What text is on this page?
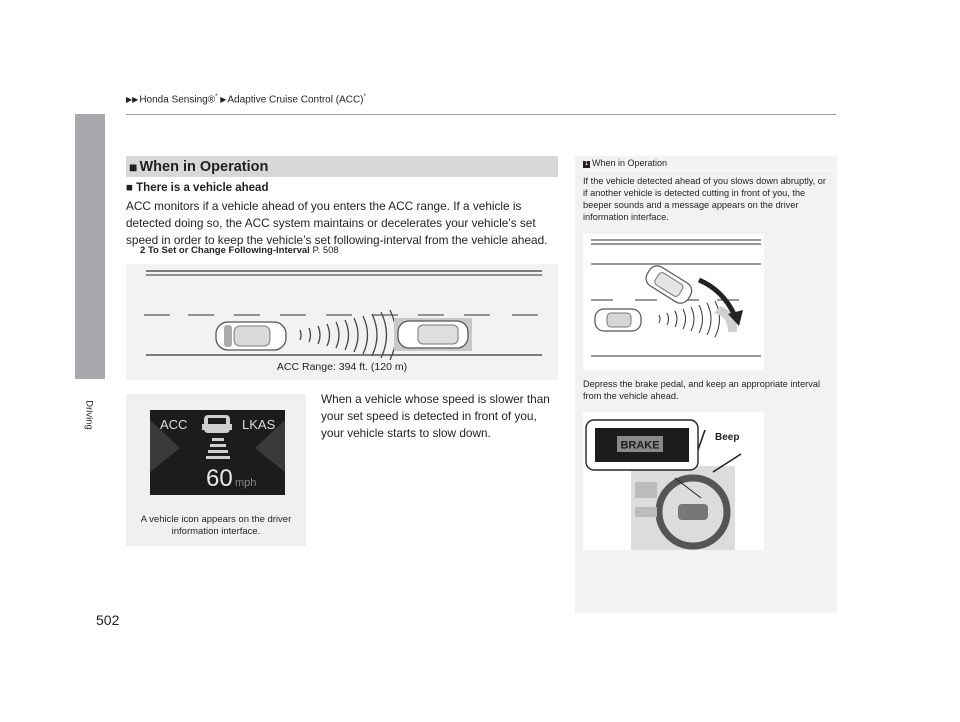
▶▶Honda Sensing®* ▶Adaptive Cruise Control (ACC)*
Driving
■ When in Operation
■ There is a vehicle ahead
ACC monitors if a vehicle ahead of you enters the ACC range. If a vehicle is detected doing so, the ACC system maintains or decelerates your vehicle’s set speed in order to keep the vehicle’s set following-interval from the vehicle ahead.
2 To Set or Change Following-Interval P. 508
ACC Range: 394 ft. (120 m)
ACC	LKAS
60 mph
A vehicle icon appears on the driver information interface.
When a vehicle whose speed is slower than your set speed is detected in front of you, your vehicle starts to slow down.
1 When in Operation
If the vehicle detected ahead of you slows down abruptly, or if another vehicle is detected cutting in front of you, the beeper sounds and a message appears on the driver information interface.
Depress the brake pedal, and keep an appropriate interval from the vehicle ahead.
BRAKE
Beep
502
